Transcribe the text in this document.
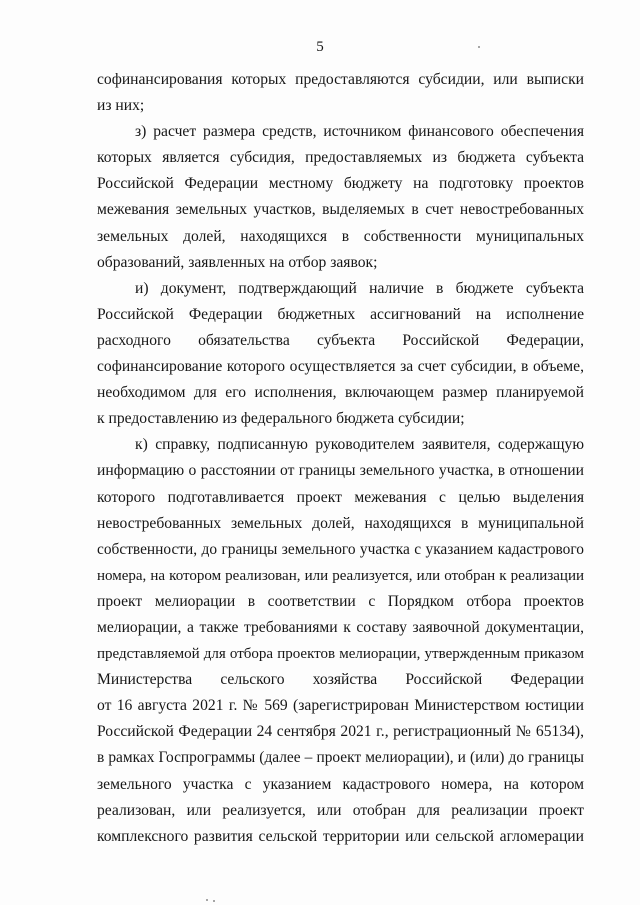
5
софинансирования которых предоставляются субсидии, или выписки
из них;
з) расчет размера средств, источником финансового обеспечения
которых является субсидия, предоставляемых из бюджета субъекта
Российской Федерации местному бюджету на подготовку проектов
межевания земельных участков, выделяемых в счет невостребованных
земельных долей, находящихся в собственности муниципальных
образований, заявленных на отбор заявок;
и) документ, подтверждающий наличие в бюджете субъекта
Российской Федерации бюджетных ассигнований на исполнение
расходного обязательства субъекта Российской Федерации,
софинансирование которого осуществляется за счет субсидии, в объеме,
необходимом для его исполнения, включающем размер планируемой
к предоставлению из федерального бюджета субсидии;
к) справку, подписанную руководителем заявителя, содержащую
информацию о расстоянии от границы земельного участка, в отношении
которого подготавливается проект межевания с целью выделения
невостребованных земельных долей, находящихся в муниципальной
собственности, до границы земельного участка с указанием кадастрового
номера, на котором реализован, или реализуется, или отобран к реализации
проект мелиорации в соответствии с Порядком отбора проектов
мелиорации, а также требованиями к составу заявочной документации,
представляемой для отбора проектов мелиорации, утвержденным приказом
Министерства сельского хозяйства Российской Федерации
от 16 августа 2021 г. № 569 (зарегистрирован Министерством юстиции
Российской Федерации 24 сентября 2021 г., регистрационный № 65134),
в рамках Госпрограммы (далее – проект мелиорации), и (или) до границы
земельного участка с указанием кадастрового номера, на котором
реализован, или реализуется, или отобран для реализации проект
комплексного развития сельской территории или сельской агломерации
